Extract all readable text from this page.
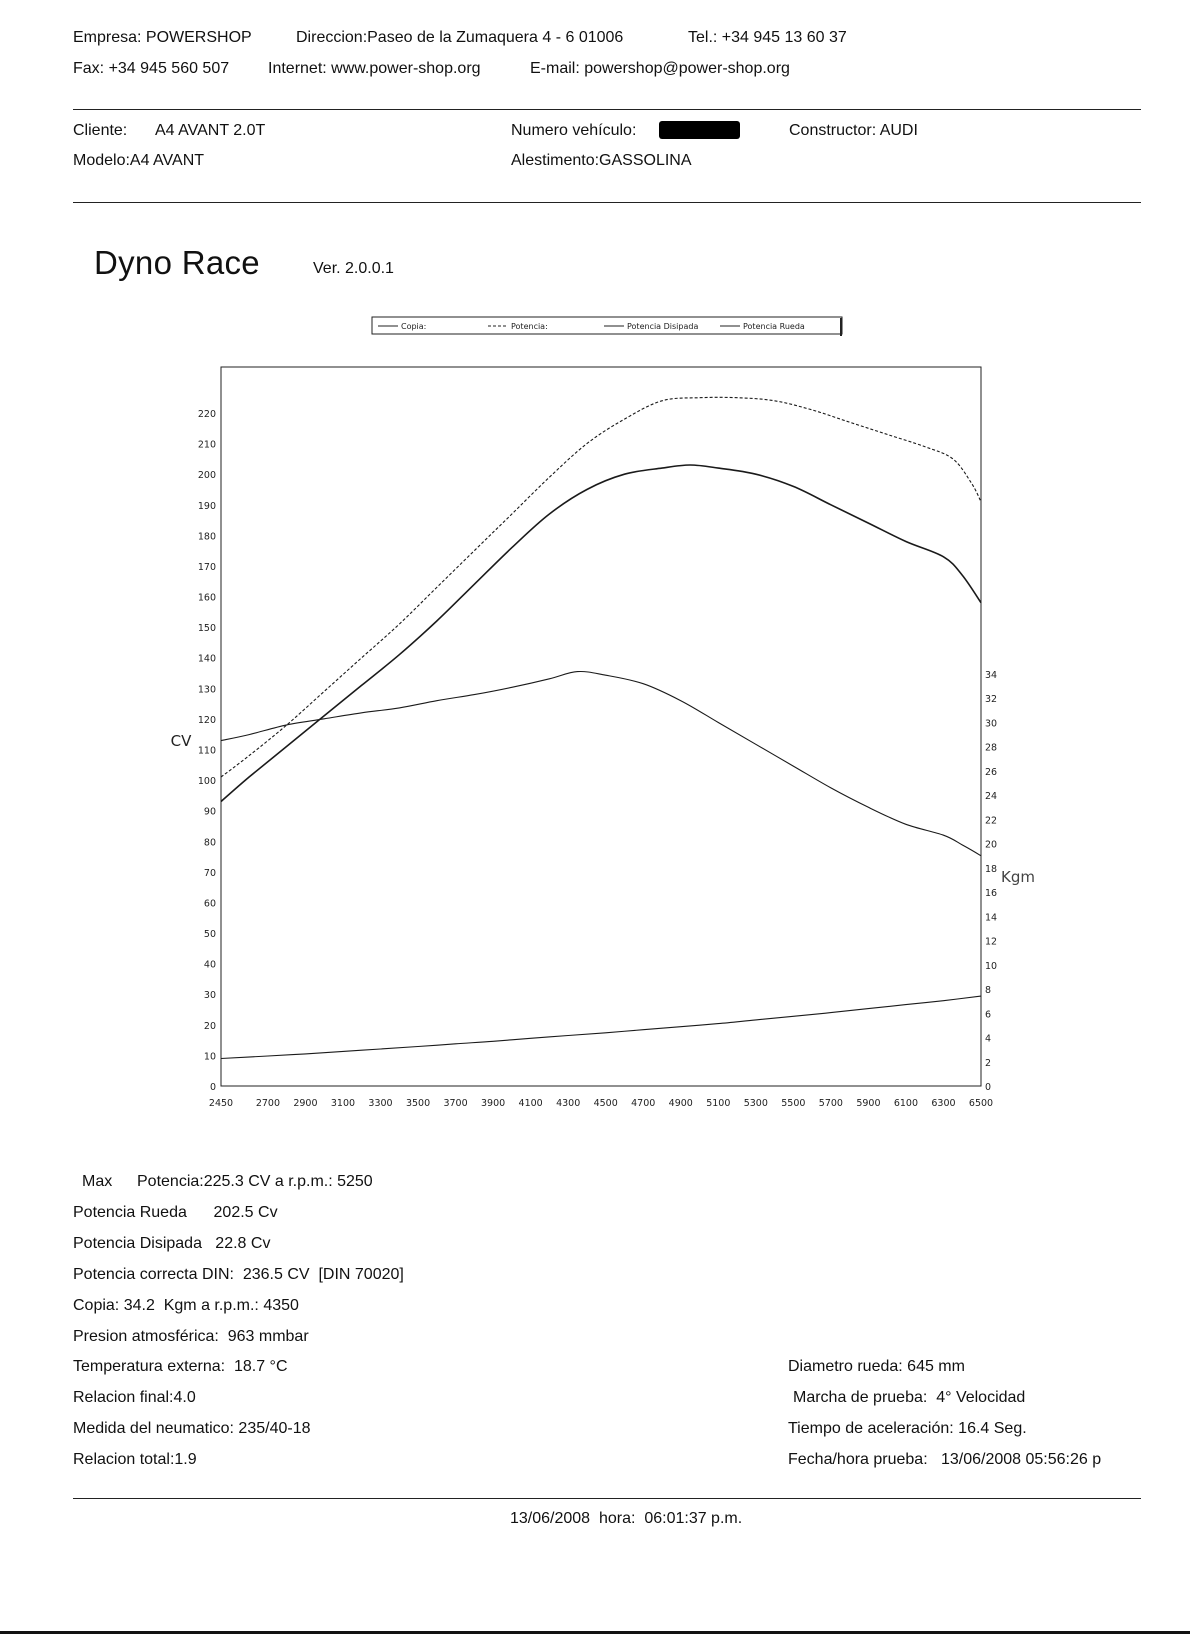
Empresa: POWERSHOP	Direccion:Paseo de la Zumaquera 4 - 6 01006	Tel.: +34 945 13 60 37
Fax: +34 945 560 507 Internet: www.power-shop.org	E-mail: powershop@power-shop.org
Cliente: A4 AVANT 2.0T
Modelo:A4 AVANT
Numero vehículo:
Alestimento:GASSOLINA
Constructor: AUDI
Dyno Race	Ver. 2.0.0.1
Copia:	Potencia:	Potencia Disipada	Potencia Rueda
0
10
20
30
40
50
60
70
80
90
100
110
120
130
140
150
160
170
180
190
200
210
220
0
2
4
6
8
10
12
14
16
18
20
22
24
26
28
30
32
34
2450 2700 2900 3100 3300 3500 3700 3900 4100 4300 4500 4700 4900 5100 5300 5500 5700 5900 6100 6300 6500
CV
Kgm
Max Potencia:225.3 CV a r.p.m.: 5250
Potencia Rueda      202.5 Cv
Potencia Disipada   22.8 Cv
Potencia correcta DIN:  236.5 CV  [DIN 70020]
Copia: 34.2  Kgm a r.p.m.: 4350
Presion atmosférica:  963 mmbar
Temperatura externa:  18.7 °C
Relacion final:4.0
Medida del neumatico: 235/40-18
Relacion total:1.9
Diametro rueda: 645 mm
Marcha de prueba:  4° Velocidad
Tiempo de aceleración: 16.4 Seg.
Fecha/hora prueba:   13/06/2008 05:56:26 p
13/06/2008  hora:  06:01:37 p.m.
